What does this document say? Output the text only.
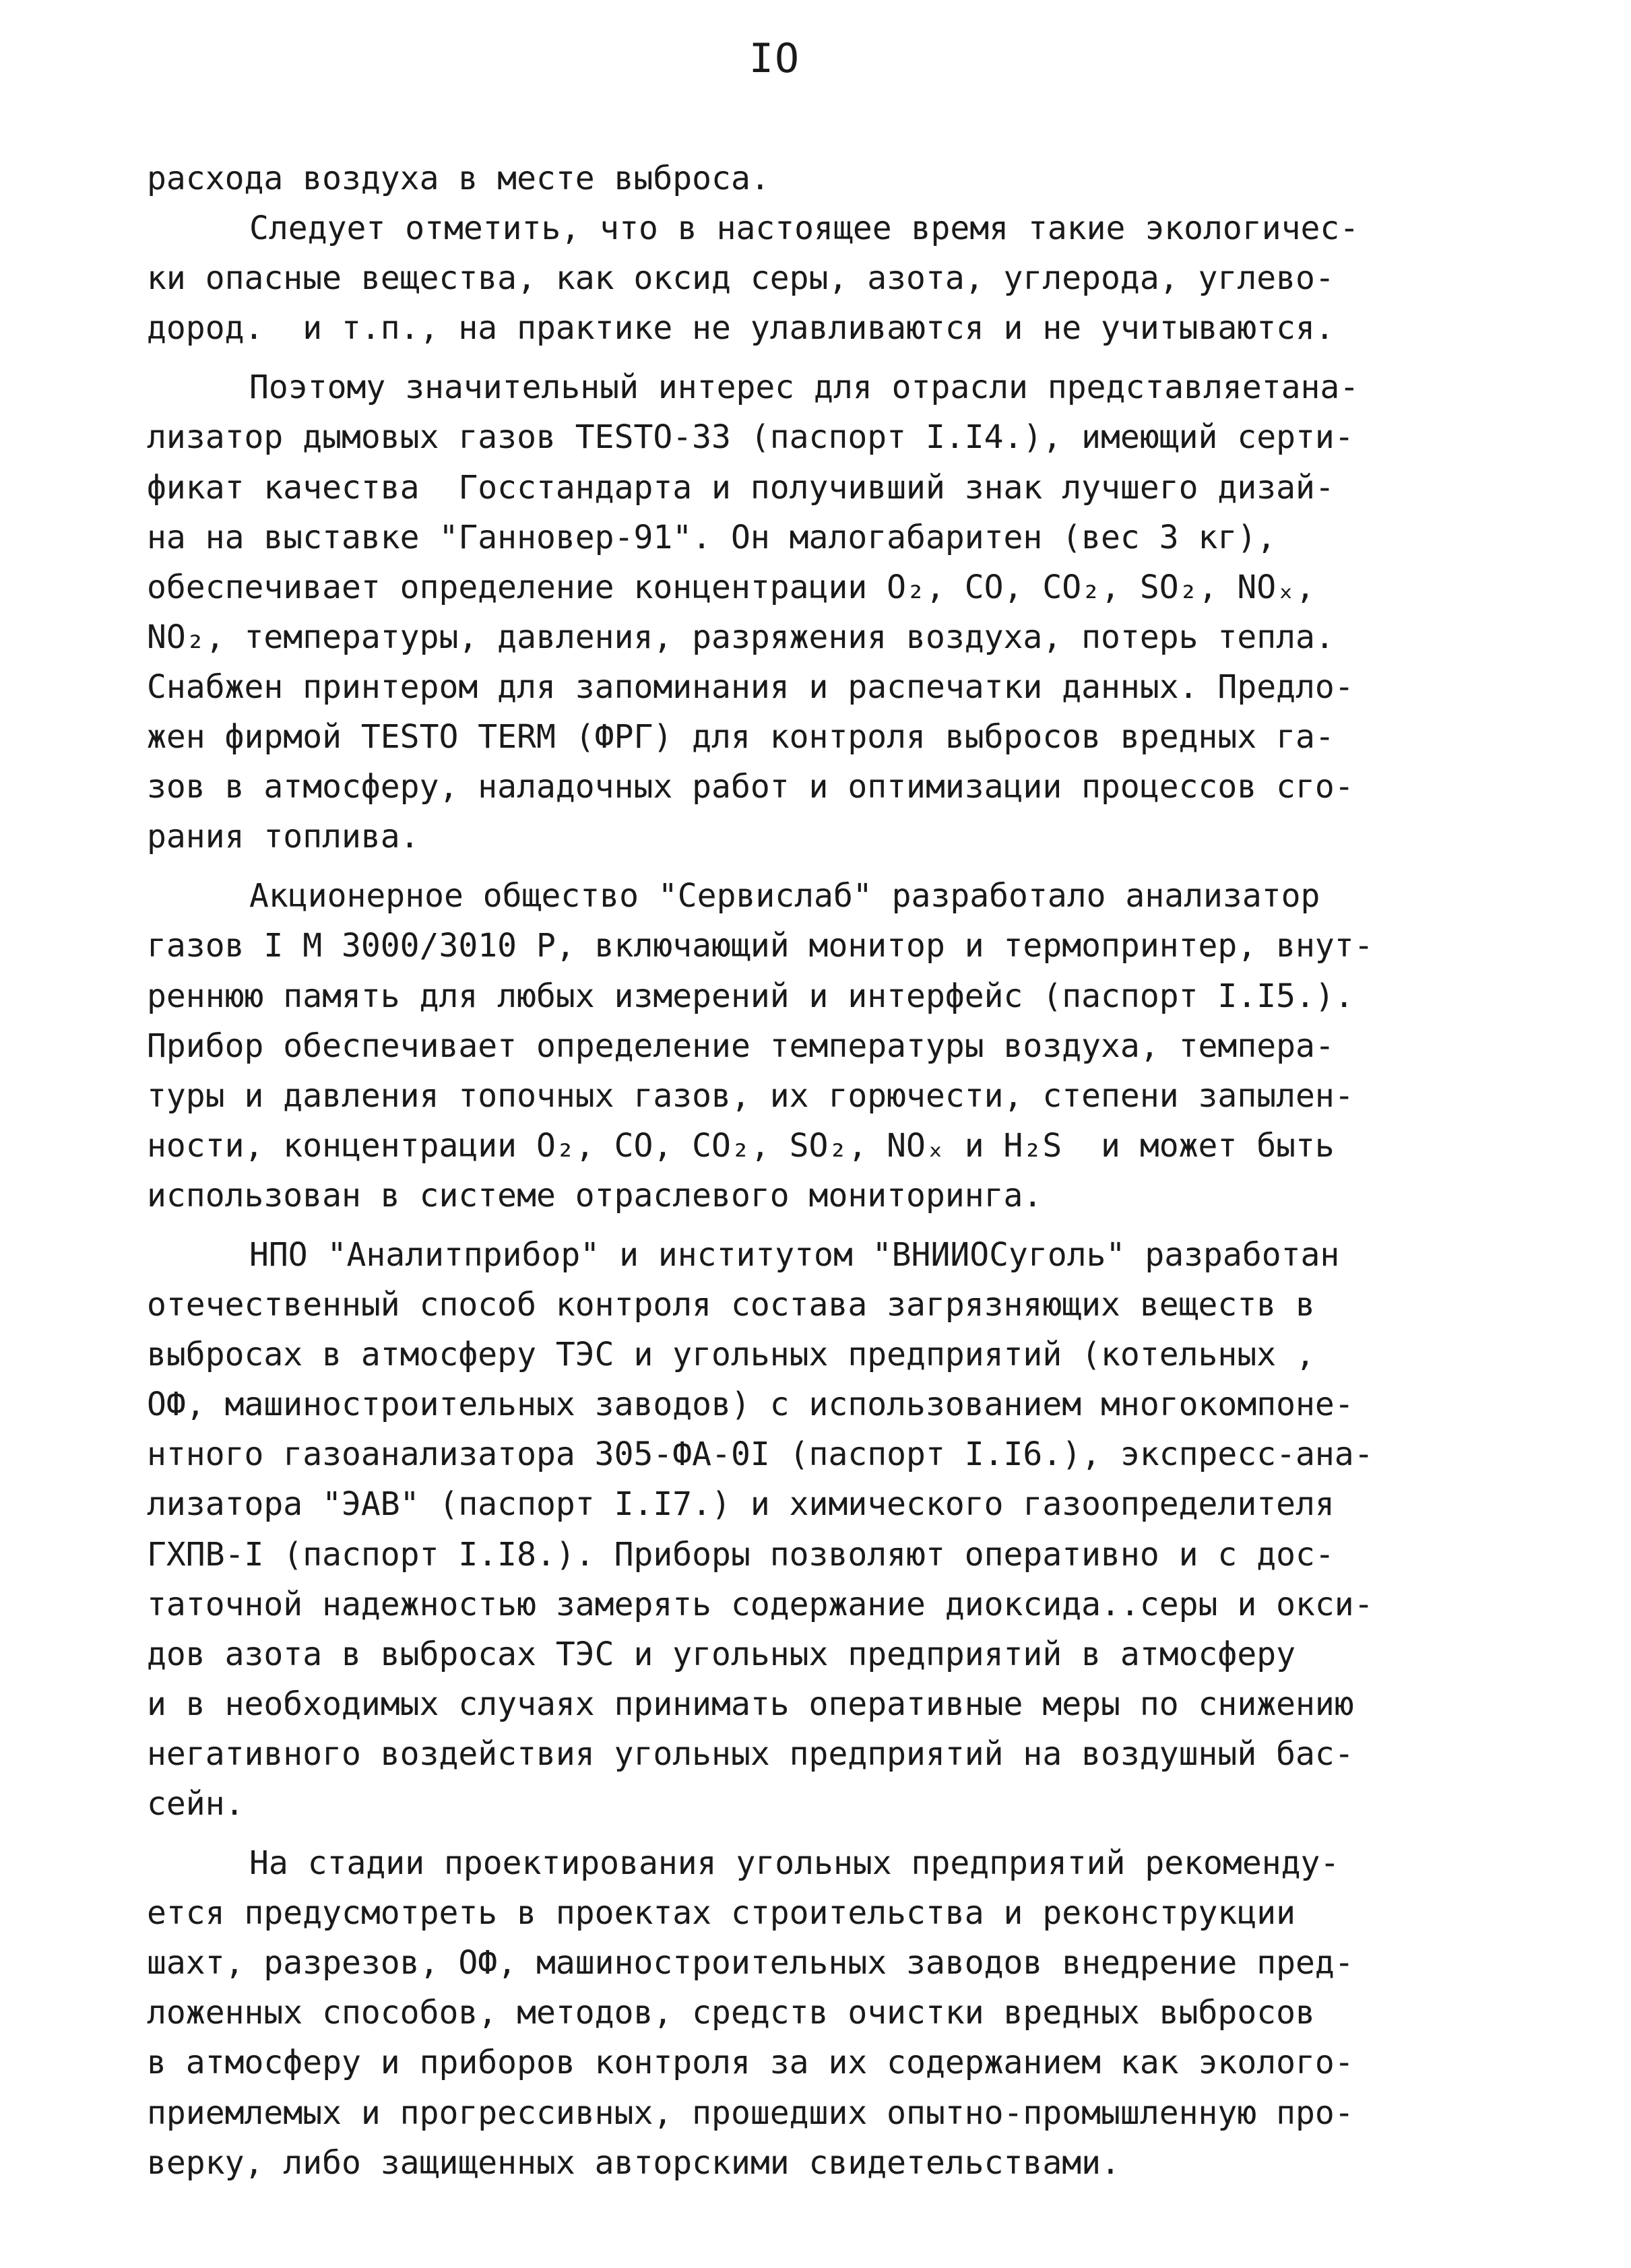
IO
расхода воздуха в месте выброса.
Следует отметить, что в настоящее время такие экологичес-
ки опасные вещества, как оксид серы, азота, углерода, углево-
дород.  и т.п., на практике не улавливаются и не учитываются.
Поэтому значительный интерес для отрасли представляетана-
лизатор дымовых газов TESTO-33 (паспорт I.I4.), имеющий серти-
фикат качества  Госстандарта и получивший знак лучшего дизай-
на на выставке "Ганновер-91". Он малогабаритен (вес 3 кг),
обеспечивает определение концентрации O₂, CO, CO₂, SO₂, NOₓ,
NO₂, температуры, давления, разряжения воздуха, потерь тепла.
Снабжен принтером для запоминания и распечатки данных. Предло-
жен фирмой TESTO TERM (ФРГ) для контроля выбросов вредных га-
зов в атмосферу, наладочных работ и оптимизации процессов сго-
рания топлива.
Акционерное общество "Сервислаб" разработало анализатор
газов I M 3000/3010 P, включающий монитор и термопринтер, внут-
реннюю память для любых измерений и интерфейс (паспорт I.I5.).
Прибор обеспечивает определение температуры воздуха, темпера-
туры и давления топочных газов, их горючести, степени запылен-
ности, концентрации O₂, CO, CO₂, SO₂, NOₓ и H₂S  и может быть
использован в системе отраслевого мониторинга.
НПО "Аналитприбор" и институтом "ВНИИОСуголь" разработан
отечественный способ контроля состава загрязняющих веществ в
выбросах в атмосферу ТЭС и угольных предприятий (котельных ,
ОФ, машиностроительных заводов) с использованием многокомпоне-
нтного газоанализатора 305-ФА-0I (паспорт I.I6.), экспресс-ана-
лизатора "ЭАВ" (паспорт I.I7.) и химического газоопределителя
ГХПВ-I (паспорт I.I8.). Приборы позволяют оперативно и с дос-
таточной надежностью замерять содержание диоксида..серы и окси-
дов азота в выбросах ТЭС и угольных предприятий в атмосферу
и в необходимых случаях принимать оперативные меры по снижению
негативного воздействия угольных предприятий на воздушный бас-
сейн.
На стадии проектирования угольных предприятий рекоменду-
ется предусмотреть в проектах строительства и реконструкции
шахт, разрезов, ОФ, машиностроительных заводов внедрение пред-
ложенных способов, методов, средств очистки вредных выбросов
в атмосферу и приборов контроля за их содержанием как эколого-
приемлемых и прогрессивных, прошедших опытно-промышленную про-
верку, либо защищенных авторскими свидетельствами.
